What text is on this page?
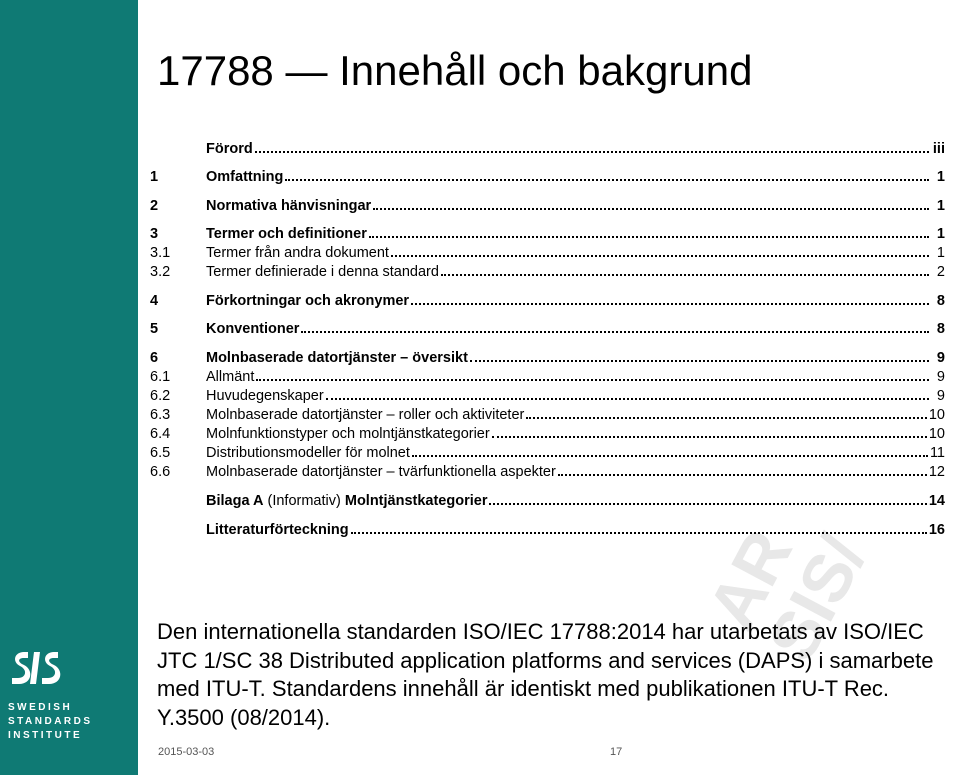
SWEDISH
STANDARDS
INSTITUTE
17788 — Innehåll och bakgrund
AR SIS/
Förord	iii
1	Omfattning	1
2	Normativa hänvisningar	1
3	Termer och definitioner	1
3.1	Termer från andra dokument	1
3.2	Termer definierade i denna standard	2
4	Förkortningar och akronymer	8
5	Konventioner	8
6	Molnbaserade datortjänster – översikt	9
6.1	Allmänt	9
6.2	Huvudegenskaper	9
6.3	Molnbaserade datortjänster – roller och aktiviteter	10
6.4	Molnfunktionstyper och molntjänstkategorier	10
6.5	Distributionsmodeller för molnet	11
6.6	Molnbaserade datortjänster – tvärfunktionella aspekter	12
Bilaga A (Informativ) Molntjänstkategorier	14
Litteraturförteckning	16
Den internationella standarden ISO/IEC 17788:2014 har utarbetats av ISO/IEC JTC 1/SC 38 Distributed application platforms and services (DAPS) i samarbete med ITU-T. Standardens innehåll är identiskt med publikationen ITU-T Rec. Y.3500 (08/2014).
2015-03-03	17
